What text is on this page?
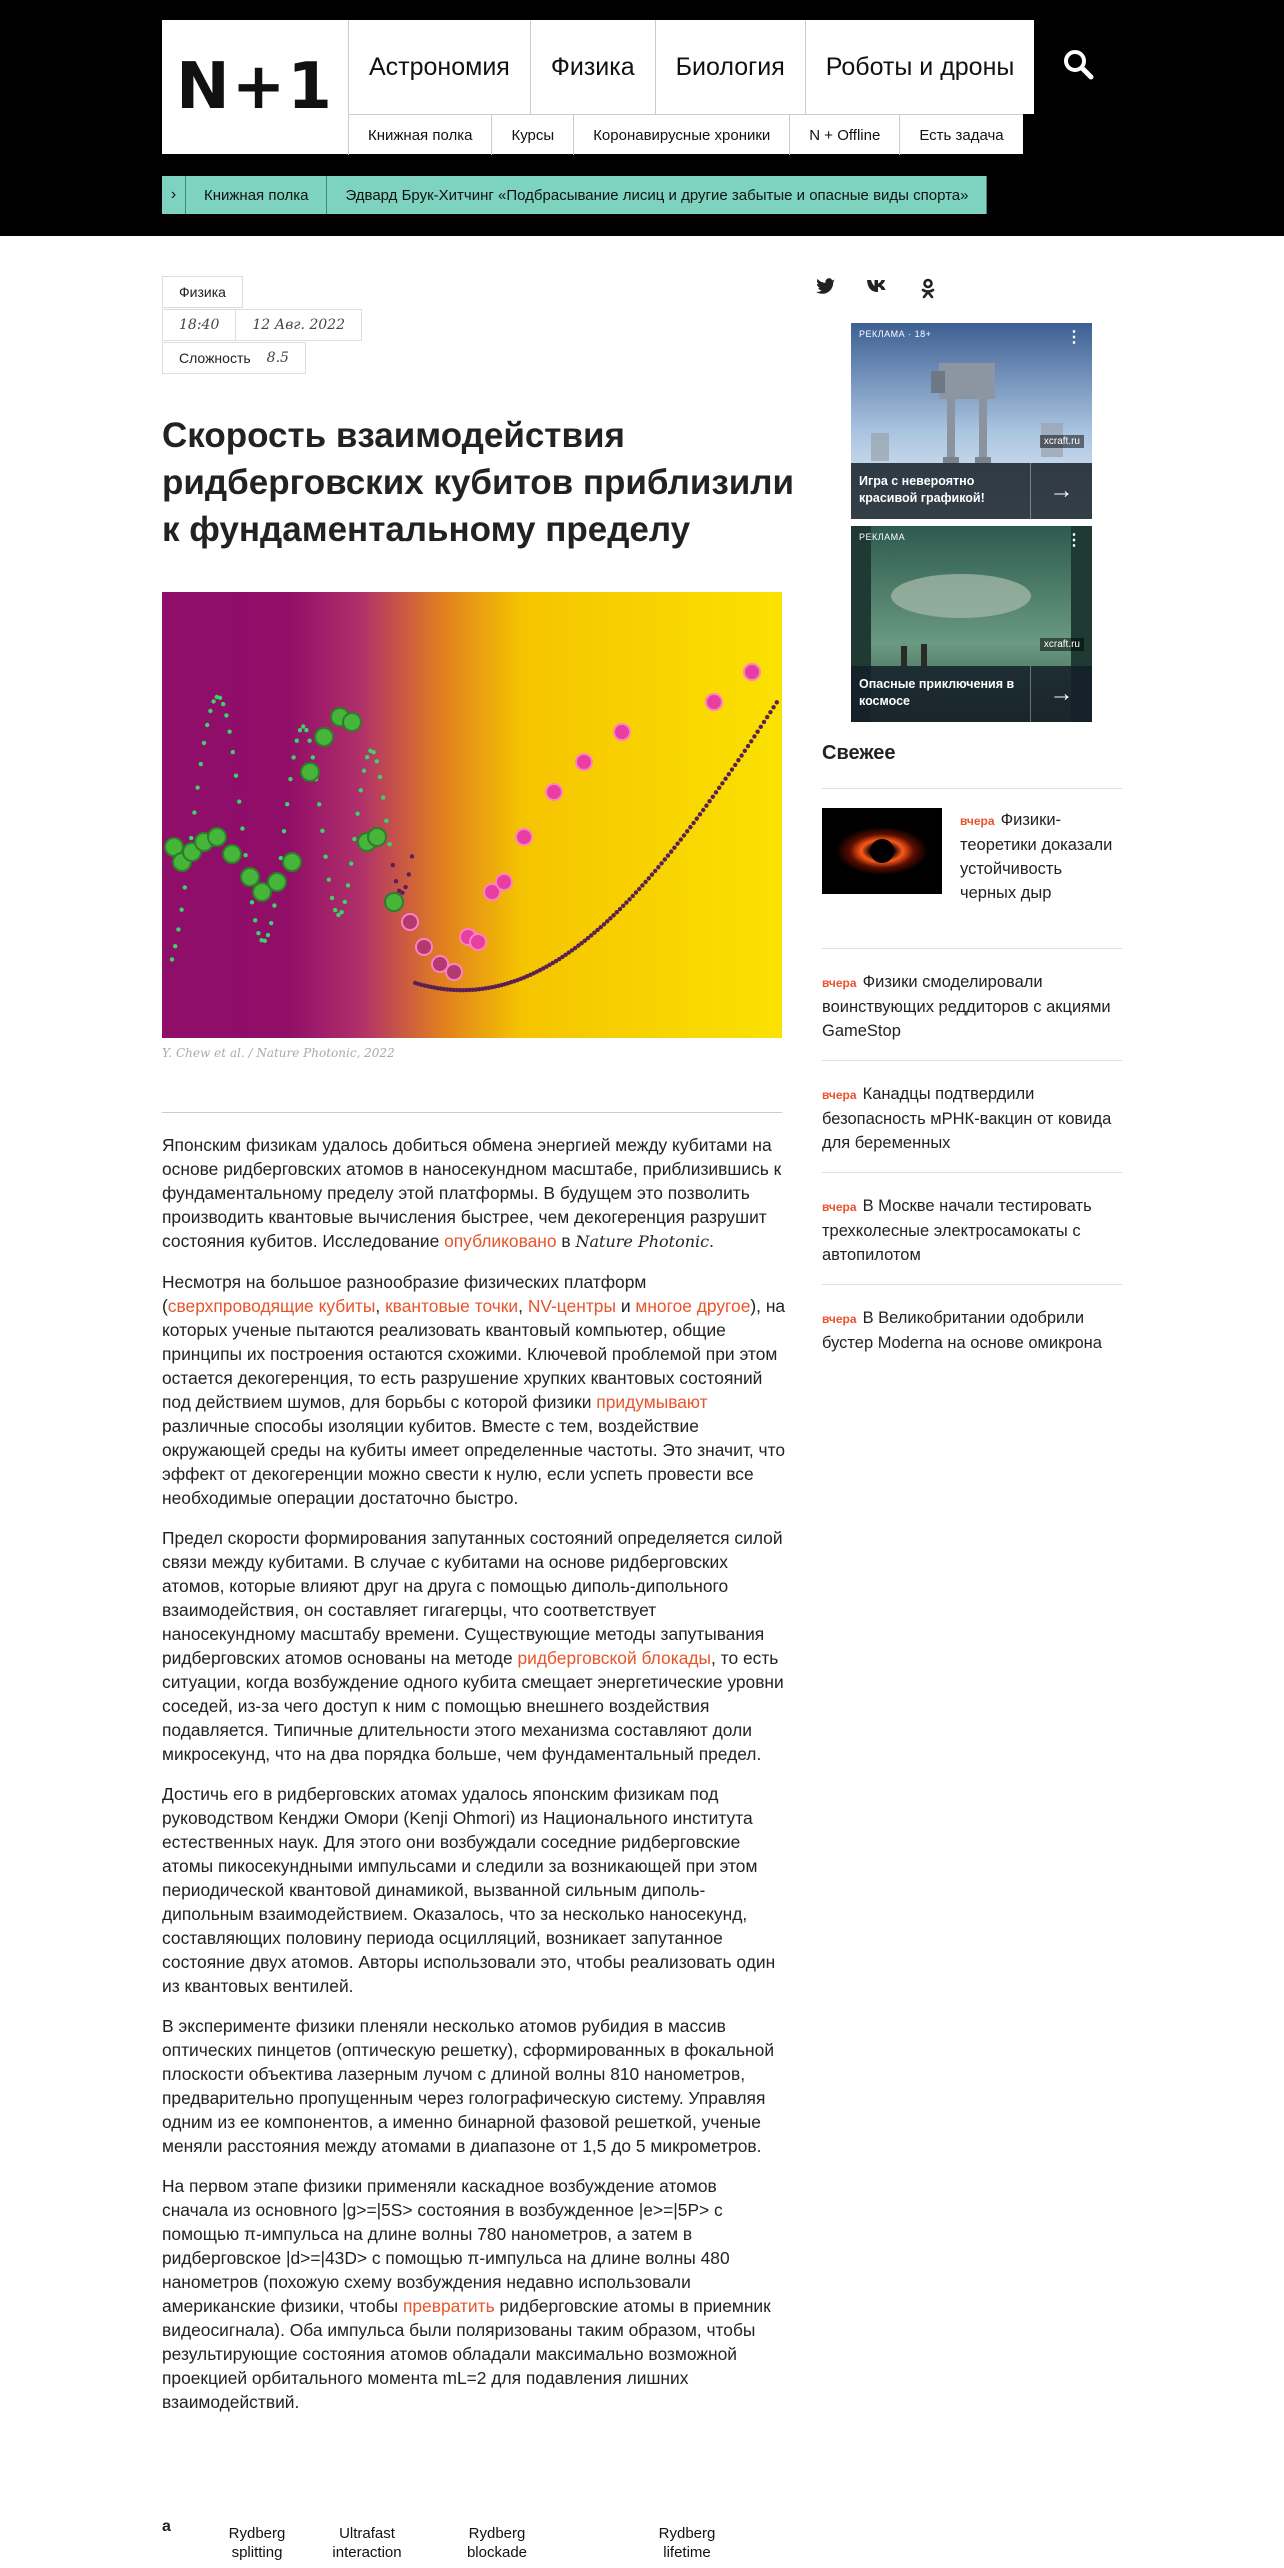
N+1	Астрономия	Физика	Биология	Роботы и дроны
Книжная полка	Курсы	Коронавирусные хроники	N + Offline	Есть задача
›	Книжная полка	Эдвард Брук-Хитчинг «Подбрасывание лисиц и другие забытые и опасные виды спорта»
Физика
18:40	12 Авг. 2022
Сложность	8.5
Скорость взаимодействия ридберговских кубитов приблизили к фундаментальному пределу
Y. Chew et al. / Nature Photonic, 2022

Японским физикам удалось добиться обмена энергией между кубитами на основе ридберговских атомов в наносекундном масштабе, приблизившись к фундаментальному пределу этой платформы. В будущем это позволить производить квантовые вычисления быстрее, чем декогеренция разрушит состояния кубитов. Исследование опубликовано в Nature Photonic.

Несмотря на большое разнообразие физических платформ (сверхпроводящие кубиты, квантовые точки, NV-центры и многое другое), на которых ученые пытаются реализовать квантовый компьютер, общие принципы их построения остаются схожими. Ключевой проблемой при этом остается декогеренция, то есть разрушение хрупких квантовых состояний под действием шумов, для борьбы с которой физики придумывают различные способы изоляции кубитов. Вместе с тем, воздействие окружающей среды на кубиты имеет определенные частоты. Это значит, что эффект от декогеренции можно свести к нулю, если успеть провести все необходимые операции достаточно быстро.

Предел скорости формирования запутанных состояний определяется силой связи между кубитами. В случае с кубитами на основе ридберговских атомов, которые влияют друг на друга с помощью диполь-дипольного взаимодействия, он составляет гигагерцы, что соответствует наносекундному масштабу времени. Существующие методы запутывания ридберговских атомов основаны на методе ридберговской блокады, то есть ситуации, когда возбуждение одного кубита смещает энергетические уровни соседей, из-за чего доступ к ним с помощью внешнего воздействия подавляется. Типичные длительности этого механизма составляют доли микросекунд, что на два порядка больше, чем фундаментальный предел.

Достичь его в ридберговских атомах удалось японским физикам под руководством Кенджи Омори (Kenji Ohmori) из Национального института естественных наук. Для этого они возбуждали соседние ридберговские атомы пикосекундными импульсами и следили за возникающей при этом периодической квантовой динамикой, вызванной сильным диполь-дипольным взаимодействием. Оказалось, что за несколько наносекунд, составляющих половину периода осцилляций, возникает запутанное состояние двух атомов. Авторы использовали это, чтобы реализовать один из квантовых вентилей.

В эксперименте физики пленяли несколько атомов рубидия в массив оптических пинцетов (оптическую решетку), сформированных в фокальной плоскости объектива лазерным лучом с длиной волны 810 нанометров, предварительно пропущенным через голографическую систему. Управляя одним из ее компонентов, а именно бинарной фазовой решеткой, ученые меняли расстояния между атомами в диапазоне от 1,5 до 5 микрометров.

На первом этапе физики применяли каскадное возбуждение атомов сначала из основного |g>=|5S> состояния в возбужденное |e>=|5P> с помощью π-импульса на длине волны 780 нанометров, а затем в ридберговское |d>=|43D> с помощью π-импульса на длине волны 480 нанометров (похожую схему возбуждения недавно использовали американские физики, чтобы превратить ридберговские атомы в приемник видеосигнала). Оба импульса были поляризованы таким образом, чтобы результирующие состояния атомов обладали максимально возможной проекцией орбитального момента mL=2 для подавления лишних взаимодействий.

a	Rydberg splitting
Ultrafast interaction
Rydberg blockade
Rydberg lifetime
РЕКЛАМА · 18+	⋮
xcraft.ru
Игра с невероятно красивой графикой!	→
РЕКЛАМА	⋮
xcraft.ru
Опасные приключения в космосе	→
Свежее
вчера Физики-теоретики доказали устойчивость черных дыр
вчера Физики смоделировали воинствующих реддиторов с акциями GameStop
вчера Канадцы подтвердили безопасность мРНК-вакцин от ковида для беременных
вчера В Москве начали тестировать трехколесные электросамокаты с автопилотом
вчера В Великобритании одобрили бустер Moderna на основе омикрона
